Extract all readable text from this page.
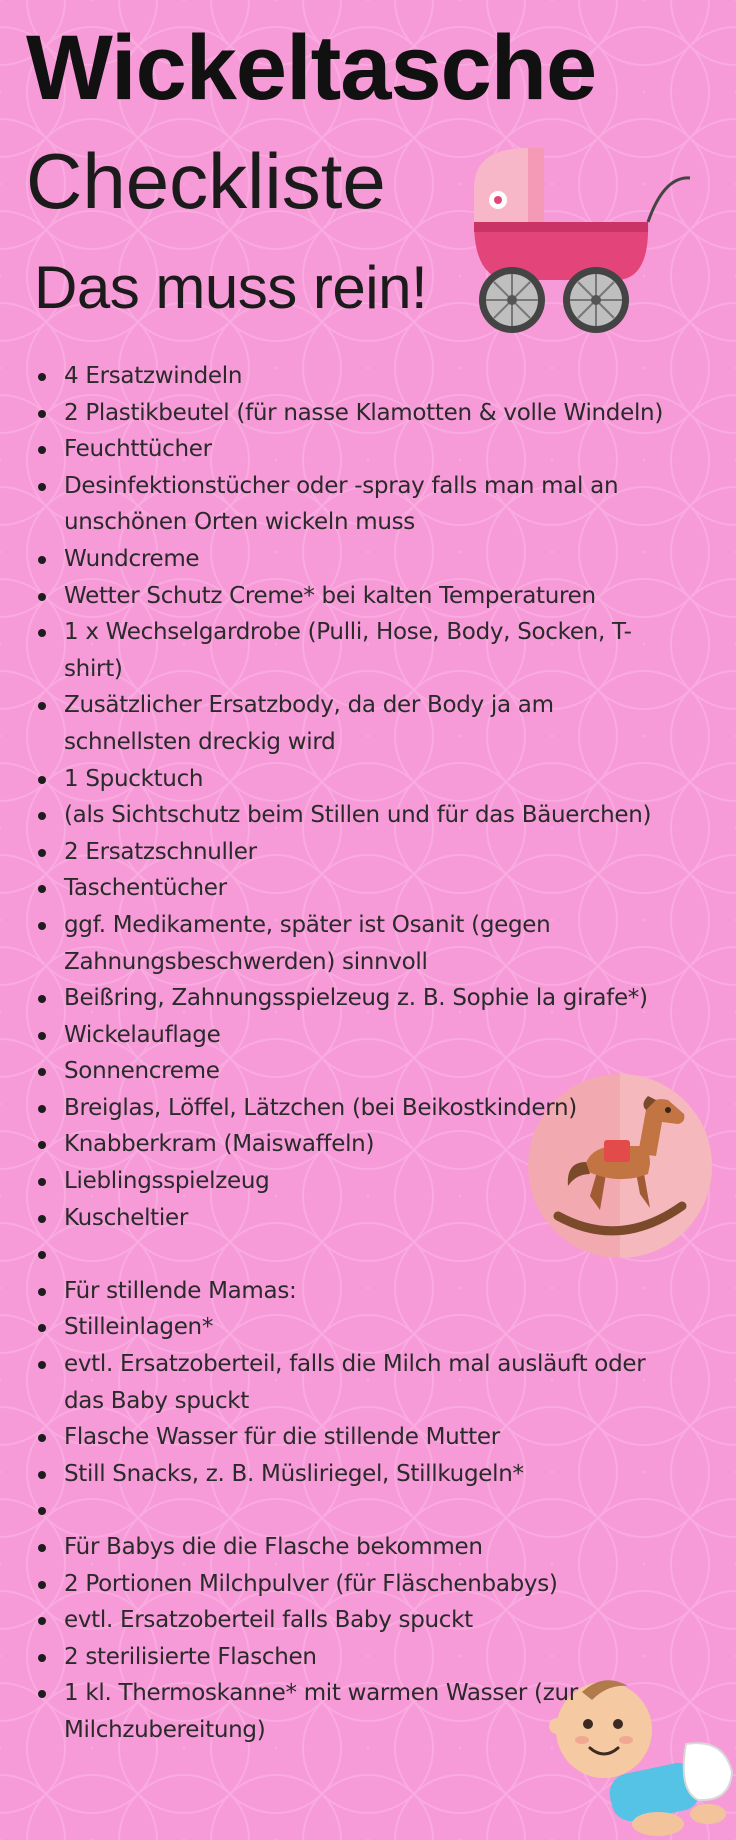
Wickeltasche
Checkliste
Das muss rein!
4 Ersatzwindeln
2 Plastikbeutel (für nasse Klamotten & volle Windeln)
Feuchttücher
Desinfektionstücher oder -spray falls man mal an unschönen Orten wickeln muss
Wundcreme
Wetter Schutz Creme* bei kalten Temperaturen
1 x Wechselgardrobe (Pulli, Hose, Body, Socken, T-shirt)
Zusätzlicher Ersatzbody, da der Body ja am schnellsten dreckig wird
1 Spucktuch
(als Sichtschutz beim Stillen und für das Bäuerchen)
2 Ersatzschnuller
Taschentücher
ggf. Medikamente, später ist Osanit (gegen Zahnungsbeschwerden) sinnvoll
Beißring, Zahnungsspielzeug z. B. Sophie la girafe*)
Wickelauflage
Sonnencreme
Breiglas, Löffel, Lätzchen (bei Beikostkindern)
Knabberkram (Maiswaffeln)
Lieblingsspielzeug
Kuscheltier
Für stillende Mamas:
Stilleinlagen*
evtl. Ersatzoberteil, falls die Milch mal ausläuft oder das Baby spuckt
Flasche Wasser für die stillende Mutter
Still Snacks, z. B. Müsliriegel, Stillkugeln*
Für Babys die die Flasche bekommen
2 Portionen Milchpulver (für Fläschenbabys)
evtl. Ersatzoberteil falls Baby spuckt
2 sterilisierte Flaschen
1 kl. Thermoskanne* mit warmen Wasser (zur Milchzubereitung)
